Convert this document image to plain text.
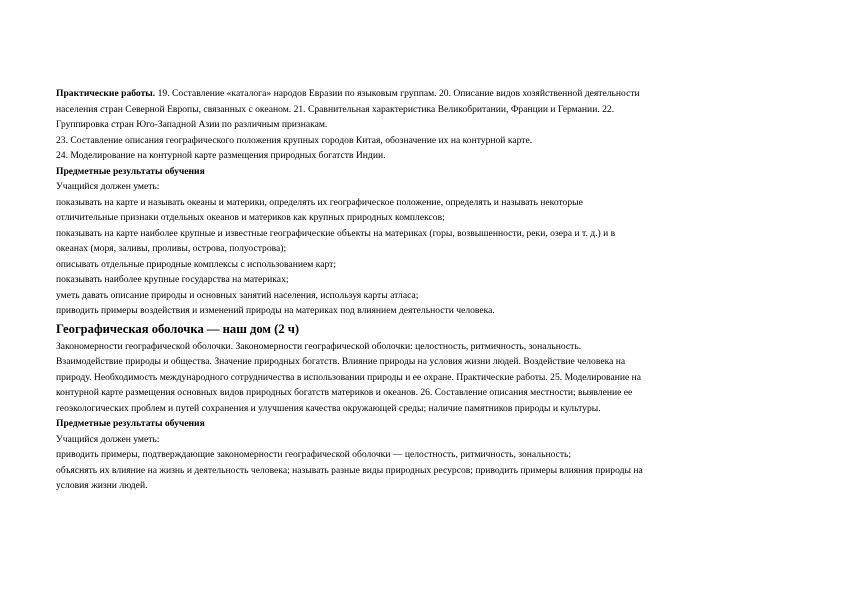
Практические работы. 19. Составление «каталога» народов Евразии по языковым группам. 20. Описание видов хозяйственной деятельности
населения стран Северной Европы, связанных с океаном. 21. Сравнительная характеристика Великобритании, Франции и Германии. 22.
Группировка стран Юго-Западной Азии по различным признакам.
23. Составление описания географического положения крупных городов Китая, обозначение их на контурной карте.
24. Моделирование на контурной карте размещения природных богатств Индии.
Предметные результаты обучения
Учащийся должен уметь:
показывать на карте и называть океаны и материки, определять их географическое положение, определять и называть некоторые
отличительные признаки отдельных океанов и материков как крупных природных комплексов;
показывать на карте наиболее крупные и известные географические объекты на материках (горы, возвышенности, реки, озера и т. д.) и в
океанах (моря, заливы, проливы, острова, полуострова);
описывать отдельные природные комплексы с использованием карт;
показывать наиболее крупные государства на материках;
уметь давать описание природы и основных занятий населения, используя карты атласа;
приводить примеры воздействия и изменений природы на материках под влиянием деятельности человека.
Географическая оболочка — наш дом (2 ч)
Закономерности географической оболочки. Закономерности географической оболочки: целостность, ритмичность, зональность.
Взаимодействие природы и общества. Значение природных богатств. Влияние природы на условия жизни людей. Воздействие человека на
природу. Необходимость международного сотрудничества в использовании природы и ее охране. Практические работы. 25. Моделирование на
контурной карте размещения основных видов природных богатств материков и океанов. 26. Составление описания местности; выявление ее
геоэкологических проблем и путей сохранения и улучшения качества окружающей среды; наличие памятников природы и культуры.
Предметные результаты обучения
Учащийся должен уметь:
приводить примеры, подтверждающие закономерности географической оболочки — целостность, ритмичность, зональность;
объяснять их влияние на жизнь и деятельность человека; называть разные виды природных ресурсов; приводить примеры влияния природы на
условия жизни людей.
